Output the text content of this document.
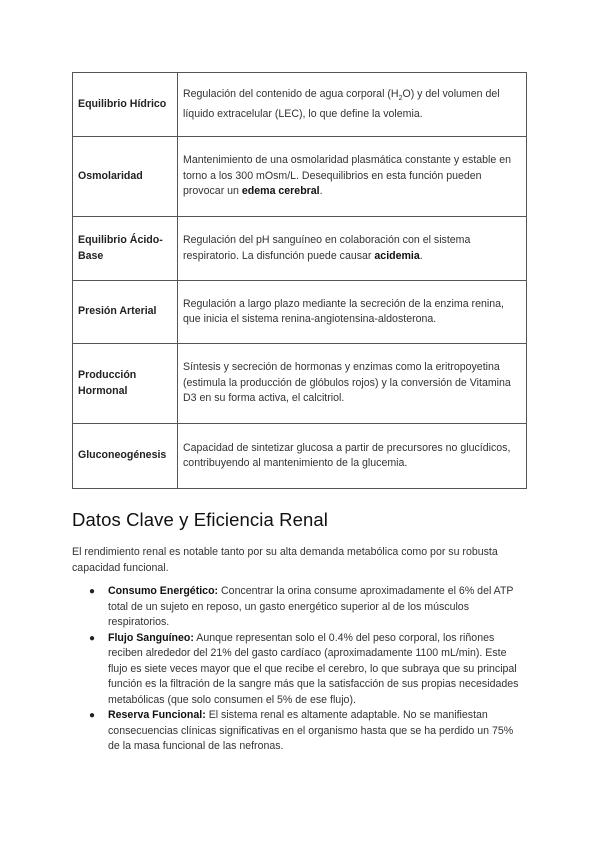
Equilibrio Hídrico	Regulación del contenido de agua corporal $(H_2O)$ y del volumen del líquido extracelular (LEC), lo que define la volemia.
Osmolaridad	Mantenimiento de una osmolaridad plasmática constante y estable en torno a los 300 mOsm/L. Desequilibrios en esta función pueden provocar un edema cerebral.
Equilibrio Ácido-Base	Regulación del pH sanguíneo en colaboración con el sistema respiratorio. La disfunción puede causar acidemia.
Presión Arterial	Regulación a largo plazo mediante la secreción de la enzima renina, que inicia el sistema renina-angiotensina-aldosterona.
Producción Hormonal	Síntesis y secreción de hormonas y enzimas como la eritropoyetina (estimula la producción de glóbulos rojos) y la conversión de Vitamina D3 en su forma activa, el calcitriol.
Gluconeogénesis	Capacidad de sintetizar glucosa a partir de precursores no glucídicos, contribuyendo al mantenimiento de la glucemia.
Datos Clave y Eficiencia Renal

El rendimiento renal es notable tanto por su alta demanda metabólica como por su robusta capacidad funcional.

● Consumo Energético: Concentrar la orina consume aproximadamente el 6% del ATP total de un sujeto en reposo, un gasto energético superior al de los músculos respiratorios.
● Flujo Sanguíneo: Aunque representan solo el 0.4% del peso corporal, los riñones reciben alrededor del 21% del gasto cardíaco (aproximadamente 1100 mL/min). Este flujo es siete veces mayor que el que recibe el cerebro, lo que subraya que su principal función es la filtración de la sangre más que la satisfacción de sus propias necesidades metabólicas (que solo consumen el 5% de ese flujo).
● Reserva Funcional: El sistema renal es altamente adaptable. No se manifiestan consecuencias clínicas significativas en el organismo hasta que se ha perdido un 75% de la masa funcional de las nefronas.
